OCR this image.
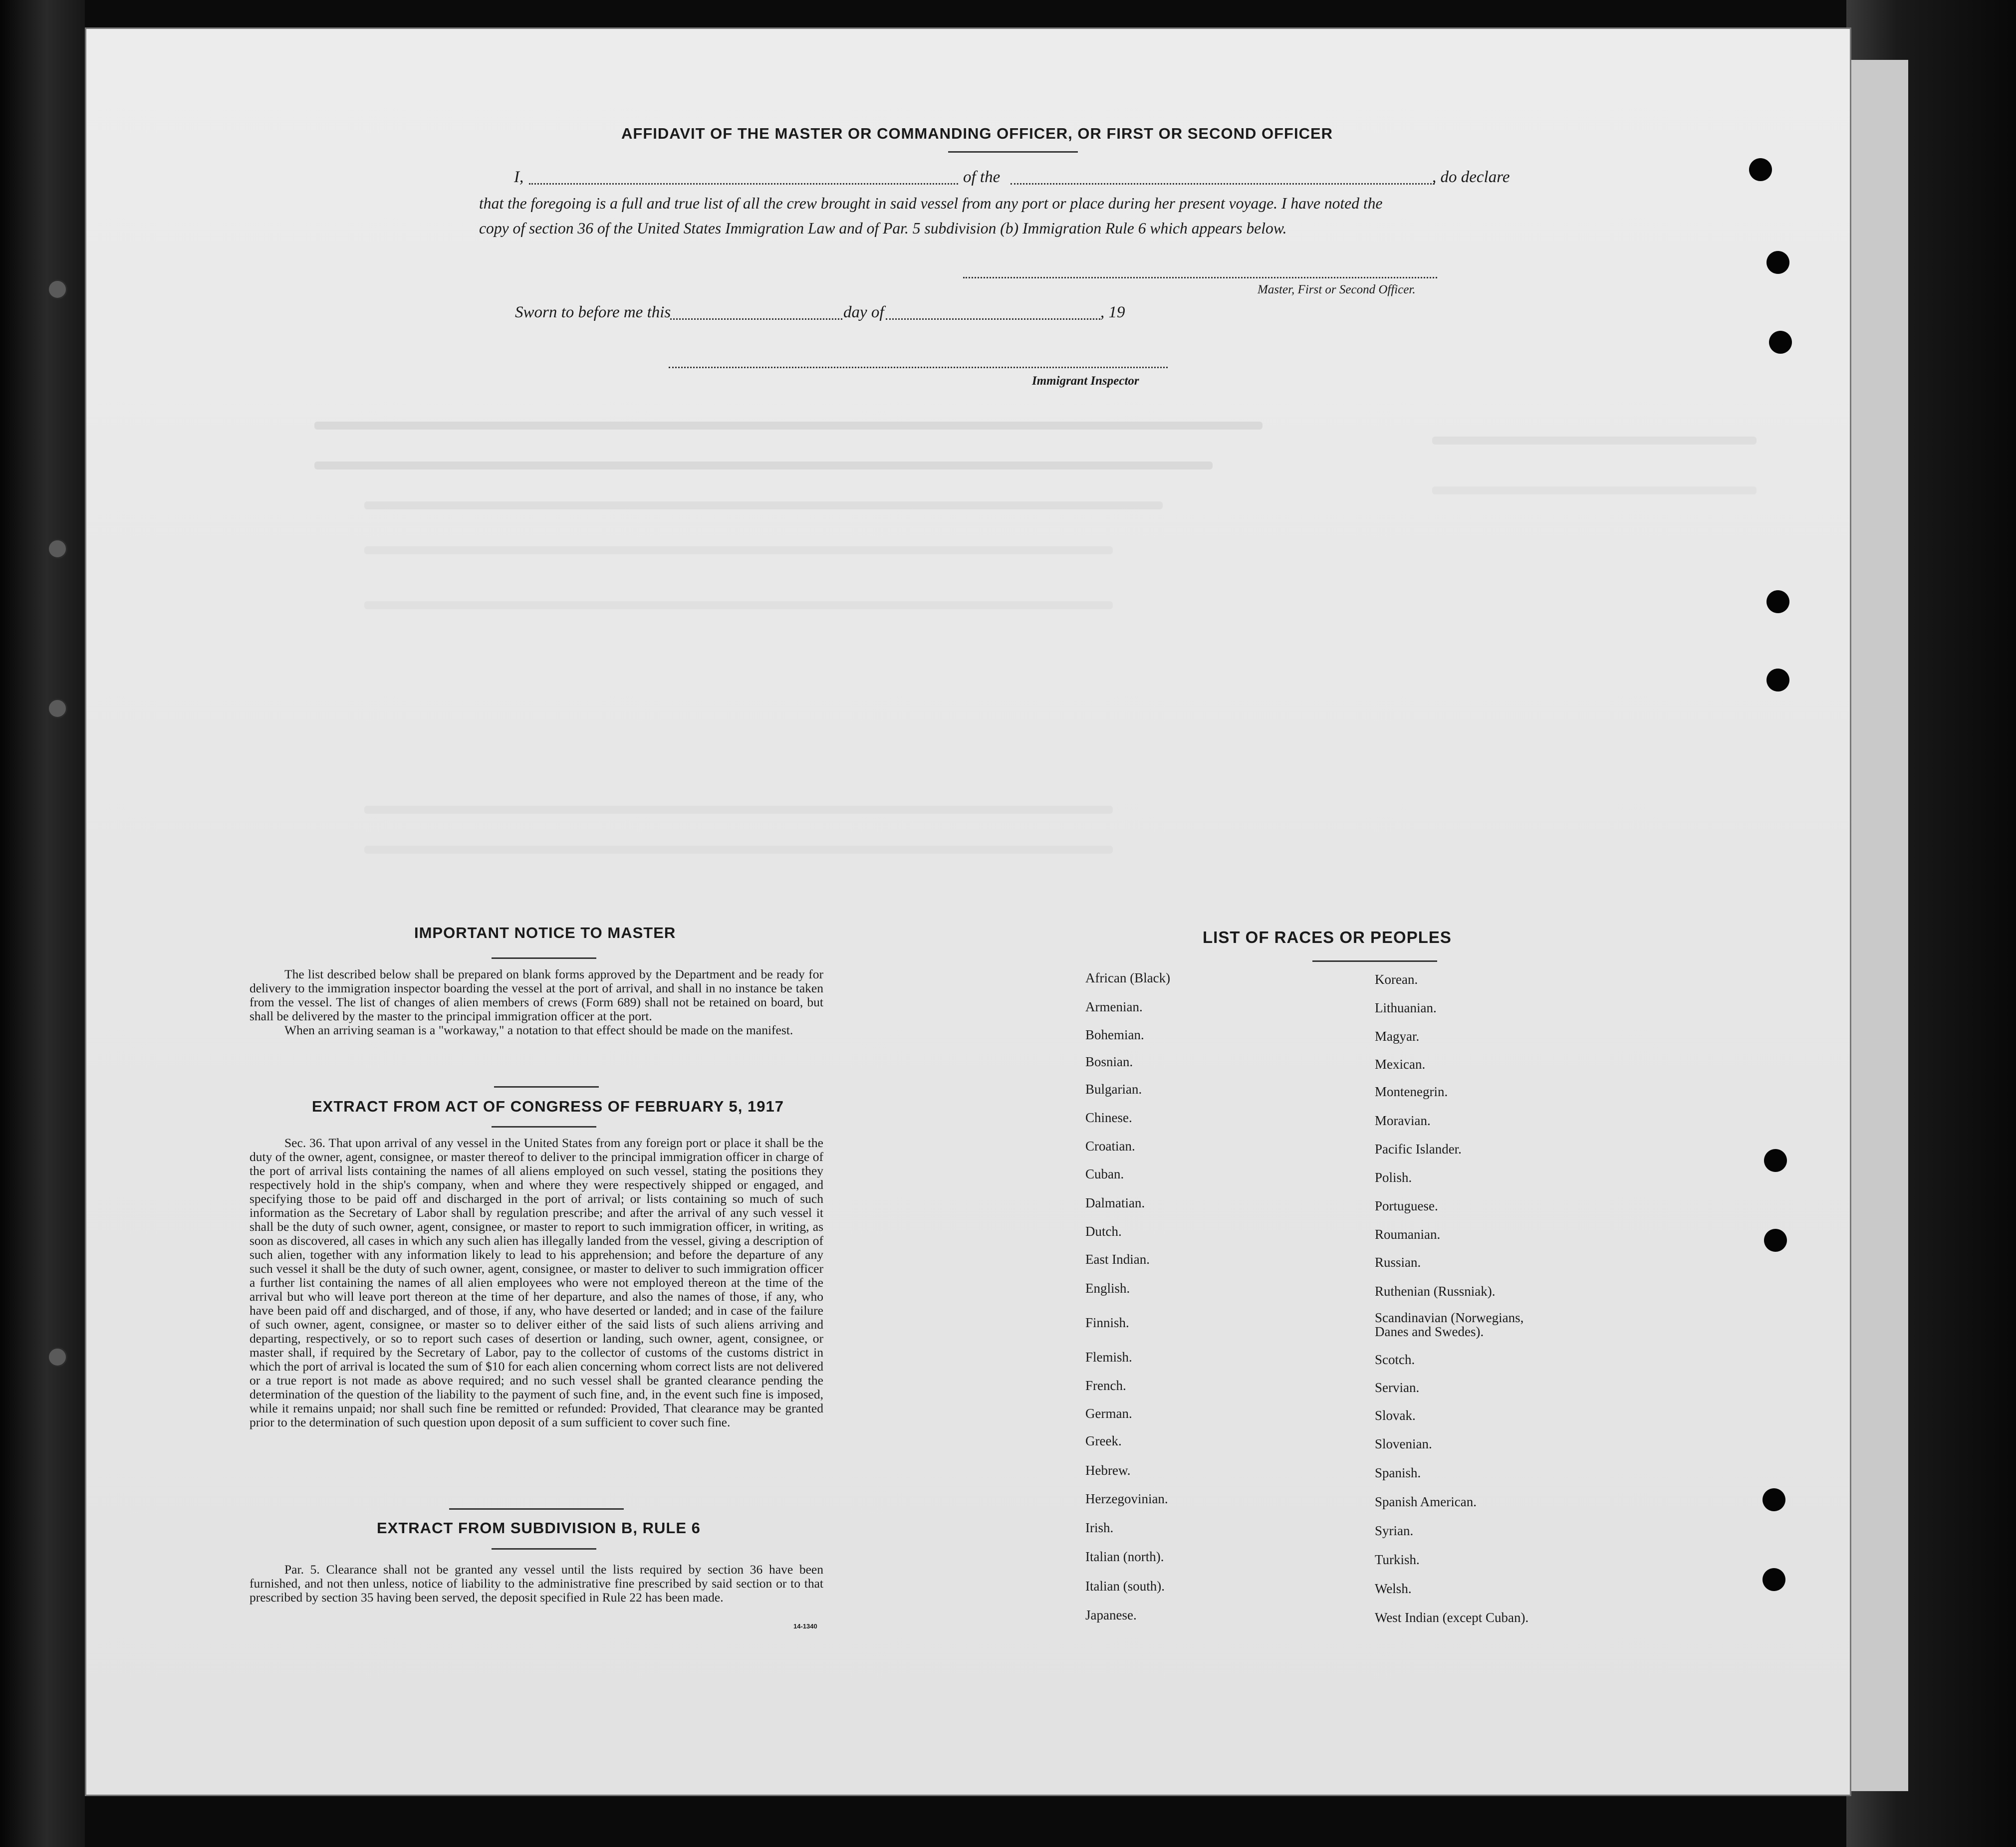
AFFIDAVIT OF THE MASTER OR COMMANDING OFFICER, OR FIRST OR SECOND OFFICER
I,	of the	, do declare
that the foregoing is a full and true list of all the crew brought in said vessel from any port or place during her present voyage. I have noted the
copy of section 36 of the United States Immigration Law and of Par. 5 subdivision (b) Immigration Rule 6 which appears below.
Master, First or Second Officer.
Sworn to before me this	day of	, 19
Immigrant Inspector
IMPORTANT NOTICE TO MASTER

The list described below shall be prepared on blank forms approved by the Department and be ready for delivery to the immigration inspector boarding the vessel at the port of arrival, and shall in no instance be taken from the vessel. The list of changes of alien members of crews (Form 689) shall not be retained on board, but shall be delivered by the master to the principal immigration officer at the port.

When an arriving seaman is a "workaway," a notation to that effect should be made on the manifest.

EXTRACT FROM ACT OF CONGRESS OF FEBRUARY 5, 1917

Sec. 36. That upon arrival of any vessel in the United States from any foreign port or place it shall be the duty of the owner, agent, consignee, or master thereof to deliver to the principal immigration officer in charge of the port of arrival lists containing the names of all aliens employed on such vessel, stating the positions they respectively hold in the ship's company, when and where they were respectively shipped or engaged, and specifying those to be paid off and discharged in the port of arrival; or lists containing so much of such information as the Secretary of Labor shall by regulation prescribe; and after the arrival of any such vessel it shall be the duty of such owner, agent, consignee, or master to report to such immigration officer, in writing, as soon as discovered, all cases in which any such alien has illegally landed from the vessel, giving a description of such alien, together with any information likely to lead to his apprehension; and before the departure of any such vessel it shall be the duty of such owner, agent, consignee, or master to deliver to such immigration officer a further list containing the names of all alien employees who were not employed thereon at the time of the arrival but who will leave port thereon at the time of her departure, and also the names of those, if any, who have been paid off and discharged, and of those, if any, who have deserted or landed; and in case of the failure of such owner, agent, consignee, or master so to deliver either of the said lists of such aliens arriving and departing, respectively, or so to report such cases of desertion or landing, such owner, agent, consignee, or master shall, if required by the Secretary of Labor, pay to the collector of customs of the customs district in which the port of arrival is located the sum of $10 for each alien concerning whom correct lists are not delivered or a true report is not made as above required; and no such vessel shall be granted clearance pending the determination of the question of the liability to the payment of such fine, and, in the event such fine is imposed, while it remains unpaid; nor shall such fine be remitted or refunded: Provided, That clearance may be granted prior to the determination of such question upon deposit of a sum sufficient to cover such fine.

EXTRACT FROM SUBDIVISION B, RULE 6

Par. 5. Clearance shall not be granted any vessel until the lists required by section 36 have been furnished, and not then unless, notice of liability to the administrative fine prescribed by said section or to that prescribed by section 35 having been served, the deposit specified in Rule 22 has been made.

14-1340
LIST OF RACES OR PEOPLES
African (Black)
Armenian.
Bohemian.
Bosnian.
Bulgarian.
Chinese.
Croatian.
Cuban.
Dalmatian.
Dutch.
East Indian.
English.
Finnish.
Flemish.
French.
German.
Greek.
Hebrew.
Herzegovinian.
Irish.
Italian (north).
Italian (south).
Japanese.
Korean.
Lithuanian.
Magyar.
Mexican.
Montenegrin.
Moravian.
Pacific Islander.
Polish.
Portuguese.
Roumanian.
Russian.
Ruthenian (Russniak).
Scandinavian (Norwegians, Danes and Swedes).
Scotch.
Servian.
Slovak.
Slovenian.
Spanish.
Spanish American.
Syrian.
Turkish.
Welsh.
West Indian (except Cuban).
